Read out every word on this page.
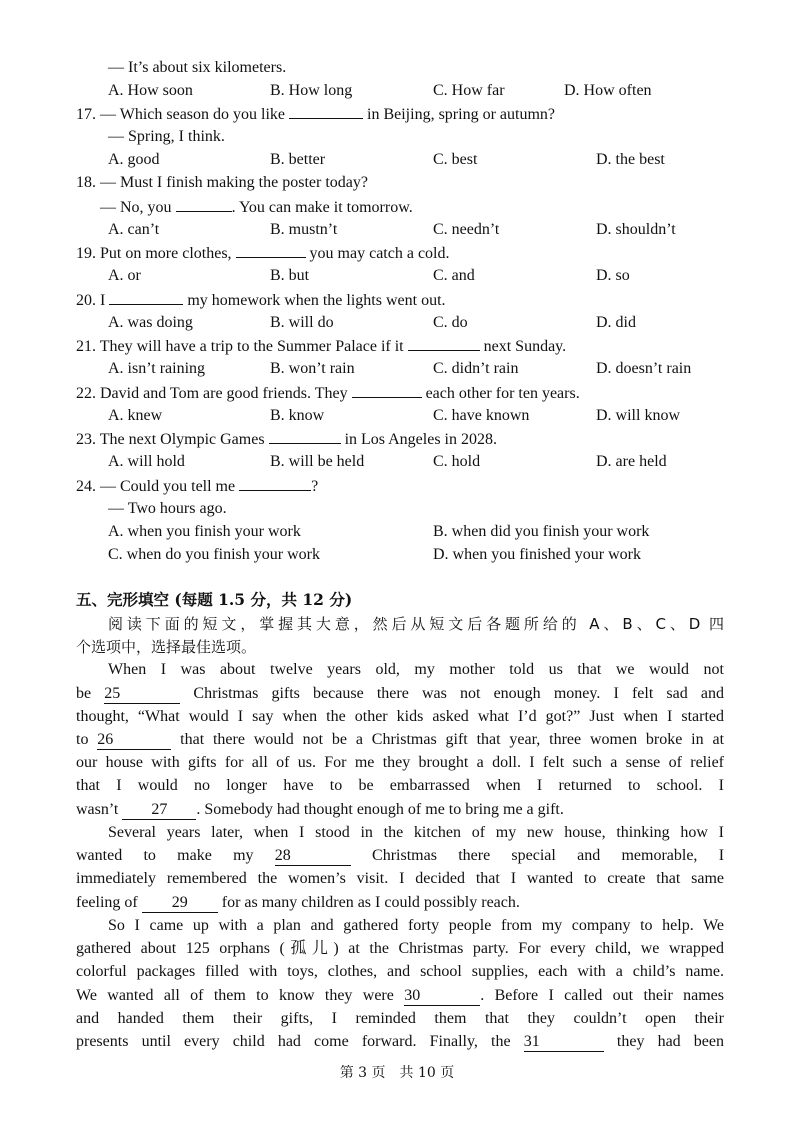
— It’s about six kilometers.
A. How soon	B. How long	C. How far	D. How often
17. — Which season do you like	in Beijing, spring or autumn?
— Spring, I think.
A. good	B. better	C. best	D. the best
18. — Must I finish making the poster today?
— No, you	. You can make it tomorrow.
A. can’t	B. mustn’t	C. needn’t	D. shouldn’t
19. Put on more clothes,	you may catch a cold.
A. or	B. but	C. and	D. so
20. I	my homework when the lights went out.
A. was doing	B. will do	C. do	D. did
21. They will have a trip to the Summer Palace if it	next Sunday.
A. isn’t raining	B. won’t rain	C. didn’t rain	D. doesn’t rain
22. David and Tom are good friends. They	each other for ten years.
A. knew	B. know	C. have known	D. will know
23. The next Olympic Games	in Los Angeles in 2028.
A. will hold	B. will be held	C. hold	D. are held
24. — Could you tell me	?
— Two hours ago.
A. when you finish your work	B. when did you finish your work
C. when do you finish your work	D. when you finished your work
五、完形填空 (每题 1.5 分，共 12 分)
阅读下面的短文，掌握其大意，然后从短文后各题所给的 A、B、C、D 四
个选项中，选择最佳选项。
When I was about twelve years old, my mother told us that we would not
be 25	Christmas gifts because there was not enough money. I felt sad and
thought, “What would I say when the other kids asked what I’d got?” Just when I started
to 26	that there would not be a Christmas gift that year, three women broke in at
our house with gifts for all of us. For me they brought a doll. I felt such a sense of relief
that I would no longer have to be embarrassed when I returned to school. I
wasn’t 27 . Somebody had thought enough of me to bring me a gift.
Several years later, when I stood in the kitchen of my new house, thinking how I
wanted to make my 28	Christmas there special and memorable, I
immediately remembered the women’s visit. I decided that I wanted to create that same
feeling of 29 for as many children as I could possibly reach.
So I came up with a plan and gathered forty people from my company to help. We
gathered about 125 orphans (孤儿) at the Christmas party. For every child, we wrapped
colorful packages filled with toys, clothes, and school supplies, each with a child’s name.
We wanted all of them to know they were 30	. Before I called out their names
and handed them their gifts, I reminded them that they couldn’t open their
presents until every child had come forward. Finally, the 31	they had been
第 3 页　共 10 页
